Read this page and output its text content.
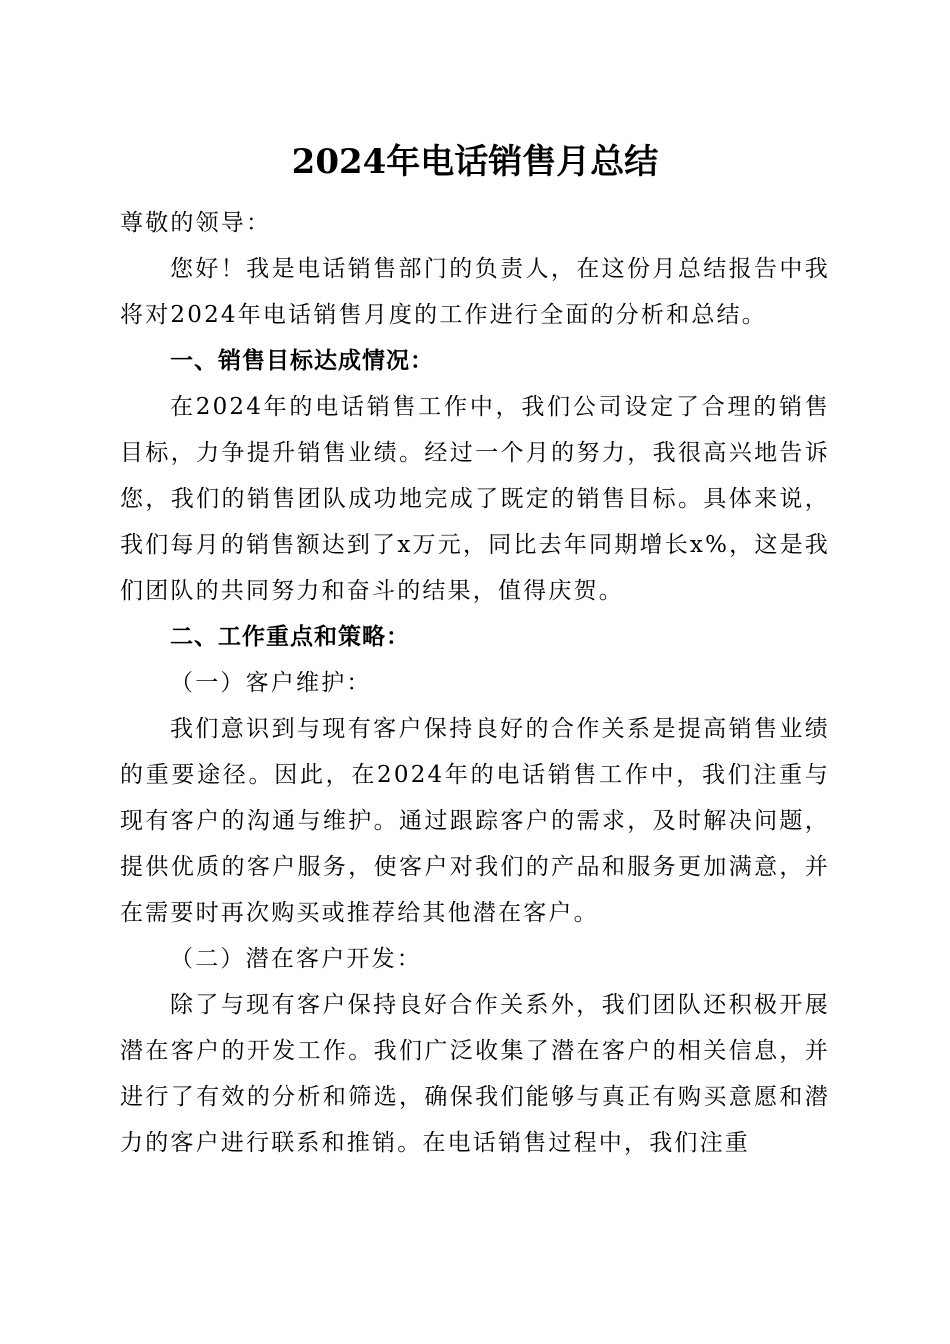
2024年电话销售月总结

尊敬的领导：

您好！我是电话销售部门的负责人，在这份月总结报告中我将对2024年电话销售月度的工作进行全面的分析和总结。

一、销售目标达成情况：

在2024年的电话销售工作中，我们公司设定了合理的销售目标，力争提升销售业绩。经过一个月的努力，我很高兴地告诉您，我们的销售团队成功地完成了既定的销售目标。具体来说，我们每月的销售额达到了x万元，同比去年同期增长x%，这是我们团队的共同努力和奋斗的结果，值得庆贺。

二、工作重点和策略：

（一）客户维护：

我们意识到与现有客户保持良好的合作关系是提高销售业绩的重要途径。因此，在2024年的电话销售工作中，我们注重与现有客户的沟通与维护。通过跟踪客户的需求，及时解决问题，提供优质的客户服务，使客户对我们的产品和服务更加满意，并在需要时再次购买或推荐给其他潜在客户。

（二）潜在客户开发：

除了与现有客户保持良好合作关系外，我们团队还积极开展潜在客户的开发工作。我们广泛收集了潜在客户的相关信息，并进行了有效的分析和筛选，确保我们能够与真正有购买意愿和潜力的客户进行联系和推销。在电话销售过程中，我们注重
